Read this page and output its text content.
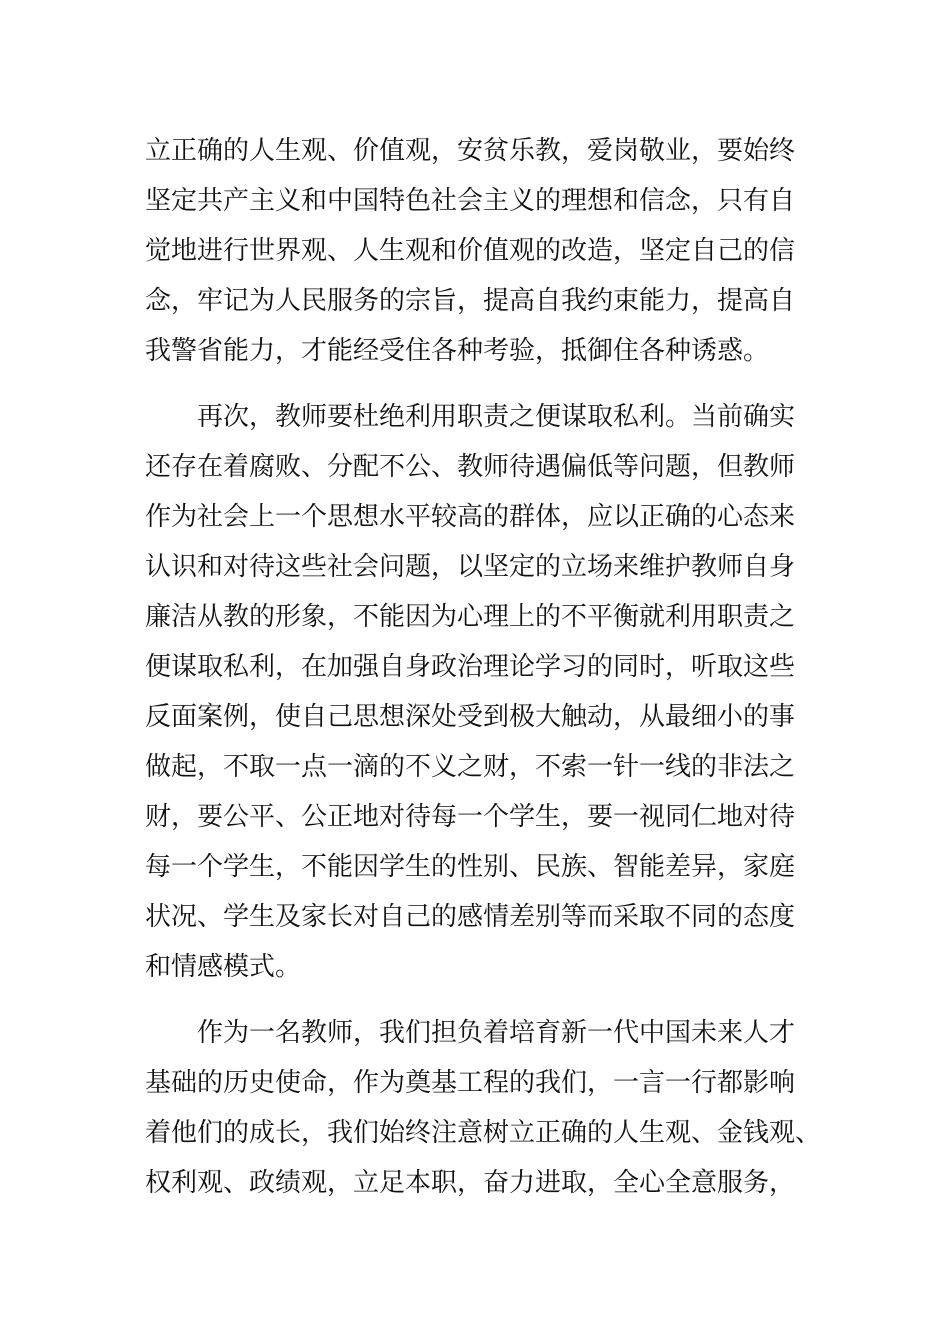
立正确的人生观、价值观，安贫乐教，爱岗敬业，要始终
坚定共产主义和中国特色社会主义的理想和信念，只有自
觉地进行世界观、人生观和价值观的改造，坚定自己的信
念，牢记为人民服务的宗旨，提高自我约束能力，提高自
我警省能力，才能经受住各种考验，抵御住各种诱惑。
再次，教师要杜绝利用职责之便谋取私利。当前确实
还存在着腐败、分配不公、教师待遇偏低等问题，但教师
作为社会上一个思想水平较高的群体，应以正确的心态来
认识和对待这些社会问题，以坚定的立场来维护教师自身
廉洁从教的形象，不能因为心理上的不平衡就利用职责之
便谋取私利，在加强自身政治理论学习的同时，听取这些
反面案例，使自己思想深处受到极大触动，从最细小的事
做起，不取一点一滴的不义之财，不索一针一线的非法之
财，要公平、公正地对待每一个学生，要一视同仁地对待
每一个学生，不能因学生的性别、民族、智能差异，家庭
状况、学生及家长对自己的感情差别等而采取不同的态度
和情感模式。
作为一名教师，我们担负着培育新一代中国未来人才
基础的历史使命，作为奠基工程的我们，一言一行都影响
着他们的成长，我们始终注意树立正确的人生观、金钱观、
权利观、政绩观，立足本职，奋力进取，全心全意服务，
